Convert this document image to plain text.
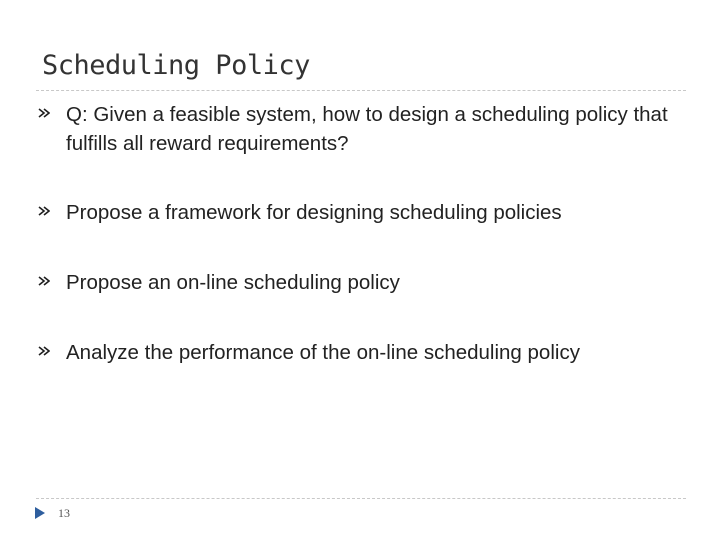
Scheduling Policy
Q: Given a feasible system, how to design a scheduling policy that fulfills all reward requirements?
Propose a framework for designing scheduling policies
Propose an on-line scheduling policy
Analyze the performance of the on-line scheduling policy
13
